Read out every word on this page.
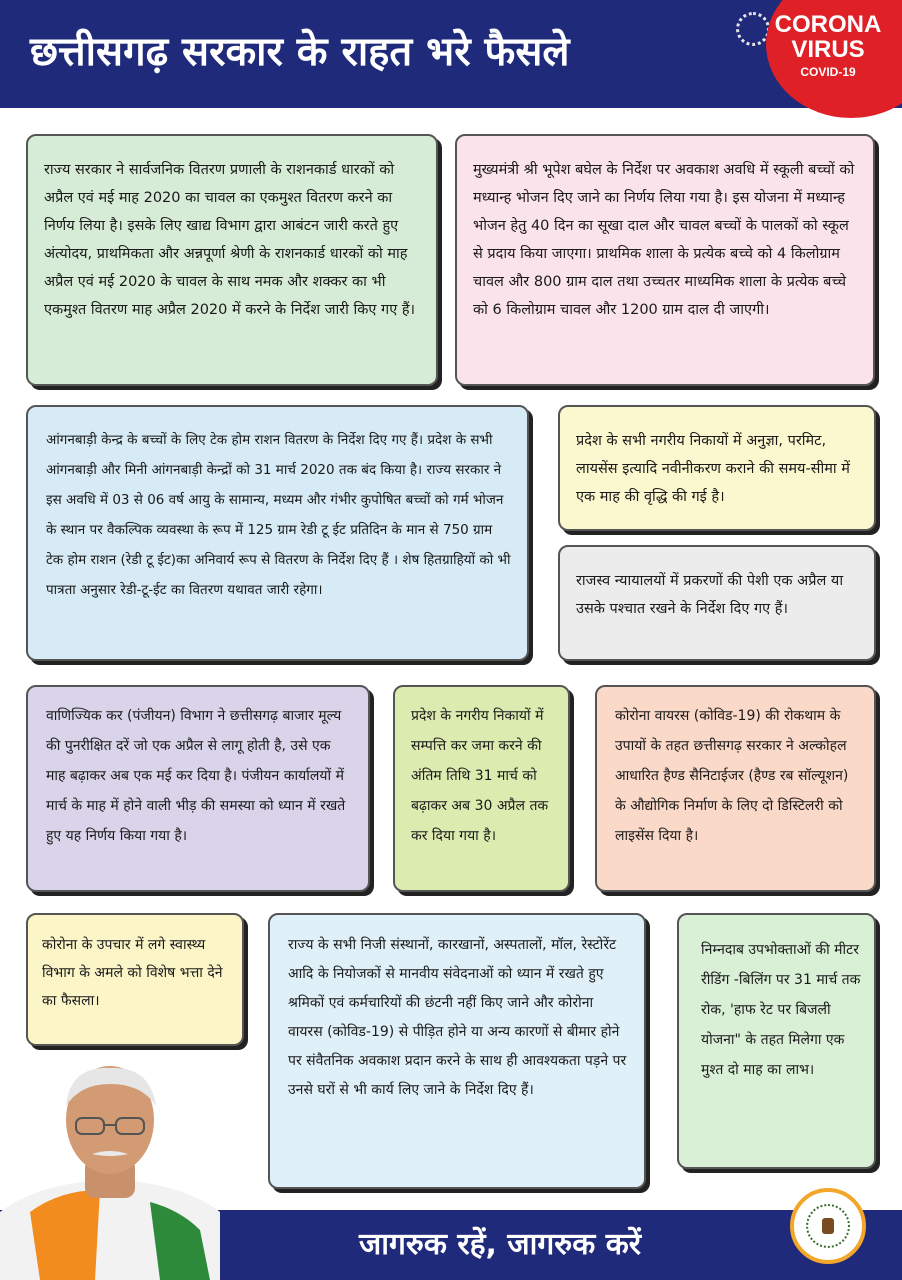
छत्तीसगढ़ सरकार के राहत भरे फैसले
CORONA
VIRUS
COVID-19
राज्य सरकार ने सार्वजनिक वितरण प्रणाली के राशनकार्ड धारकों को अप्रैल एवं मई माह 2020 का चावल का एकमुश्त वितरण करने का निर्णय लिया है। इसके लिए खाद्य विभाग द्वारा आबंटन जारी करते हुए अंत्योदय, प्राथमिकता और अन्नपूर्णा श्रेणी के राशनकार्ड धारकों को माह अप्रैल एवं मई 2020 के चावल के साथ नमक और शक्कर का भी एकमुश्त वितरण माह अप्रैल 2020 में करने के निर्देश जारी किए गए हैं।
मुख्यमंत्री श्री भूपेश बघेल के निर्देश पर अवकाश अवधि में स्कूली बच्चों को मध्यान्ह भोजन दिए जाने का निर्णय लिया गया है। इस योजना में मध्यान्ह भोजन हेतु 40 दिन का सूखा दाल और चावल बच्चों के पालकों को स्कूल से प्रदाय किया जाएगा। प्राथमिक शाला के प्रत्येक बच्चे को 4 किलोग्राम चावल और 800 ग्राम दाल तथा उच्चतर माध्यमिक शाला के प्रत्येक बच्चे को 6 किलोग्राम चावल और 1200 ग्राम दाल दी जाएगी।
आंगनबाड़ी केन्द्र के बच्चों के लिए टेक होम राशन वितरण के निर्देश दिए गए हैं। प्रदेश के सभी आंगनबाड़ी और मिनी आंगनबाड़ी केन्द्रों को 31 मार्च 2020 तक बंद किया है। राज्य सरकार ने इस अवधि में 03 से 06 वर्ष आयु के सामान्य, मध्यम और गंभीर कुपोषित बच्चों को गर्म भोजन के स्थान पर वैकल्पिक व्यवस्था के रूप में 125 ग्राम रेडी टू ईट प्रतिदिन के मान से 750 ग्राम टेक होम राशन (रेडी टू ईट)का अनिवार्य रूप से वितरण के निर्देश दिए हैं । शेष हितग्राहियों को भी पात्रता अनुसार रेडी-टू-ईट का वितरण यथावत जारी रहेगा।
प्रदेश के सभी नगरीय निकायों में अनुज्ञा, परमिट, लायसेंस इत्यादि नवीनीकरण कराने की समय-सीमा में एक माह की वृद्धि की गई है।
राजस्व न्यायालयों में प्रकरणों की पेशी एक अप्रैल या उसके पश्चात रखने के निर्देश दिए गए हैं।
वाणिज्यिक कर (पंजीयन) विभाग ने छत्तीसगढ़ बाजार मूल्य की पुनरीक्षित दरें जो एक अप्रैल से लागू होती है, उसे एक माह बढ़ाकर अब एक मई कर दिया है। पंजीयन कार्यालयों में मार्च के माह में होने वाली भीड़ की समस्या को ध्यान में रखते हुए यह निर्णय किया गया है।
प्रदेश के नगरीय निकायों में सम्पत्ति कर जमा करने की अंतिम तिथि 31 मार्च को बढ़ाकर अब 30 अप्रैल तक कर दिया गया है।
कोरोना वायरस (कोविड-19) की रोकथाम के उपायों के तहत छत्तीसगढ़ सरकार ने अल्कोहल आधारित हैण्ड सैनिटाईजर (हैण्ड रब सॉल्यूशन) के औद्योगिक निर्माण के लिए दो डिस्टिलरी को लाइसेंस दिया है।
कोरोना के उपचार में लगे स्वास्थ्य विभाग के अमले को विशेष भत्ता देने का फैसला।
राज्य के सभी निजी संस्थानों, कारखानों, अस्पतालों, मॉल, रेस्टोरेंट आदि के नियोजकों से मानवीय संवेदनाओं को ध्यान में रखते हुए श्रमिकों एवं कर्मचारियों की छंटनी नहीं किए जाने और कोरोना वायरस (कोविड-19) से पीड़ित होने या अन्य कारणों से बीमार होने पर संवैतनिक अवकाश प्रदान करने के साथ ही आवश्यकता पड़ने पर उनसे घरों से भी कार्य लिए जाने के निर्देश दिए हैं।
निम्नदाब उपभोक्ताओं की मीटर रीडिंग -बिलिंग पर 31 मार्च तक रोक, 'हाफ रेट पर बिजली योजना" के तहत मिलेगा एक मुश्त दो माह का लाभ।
जागरुक रहें, जागरुक करें
